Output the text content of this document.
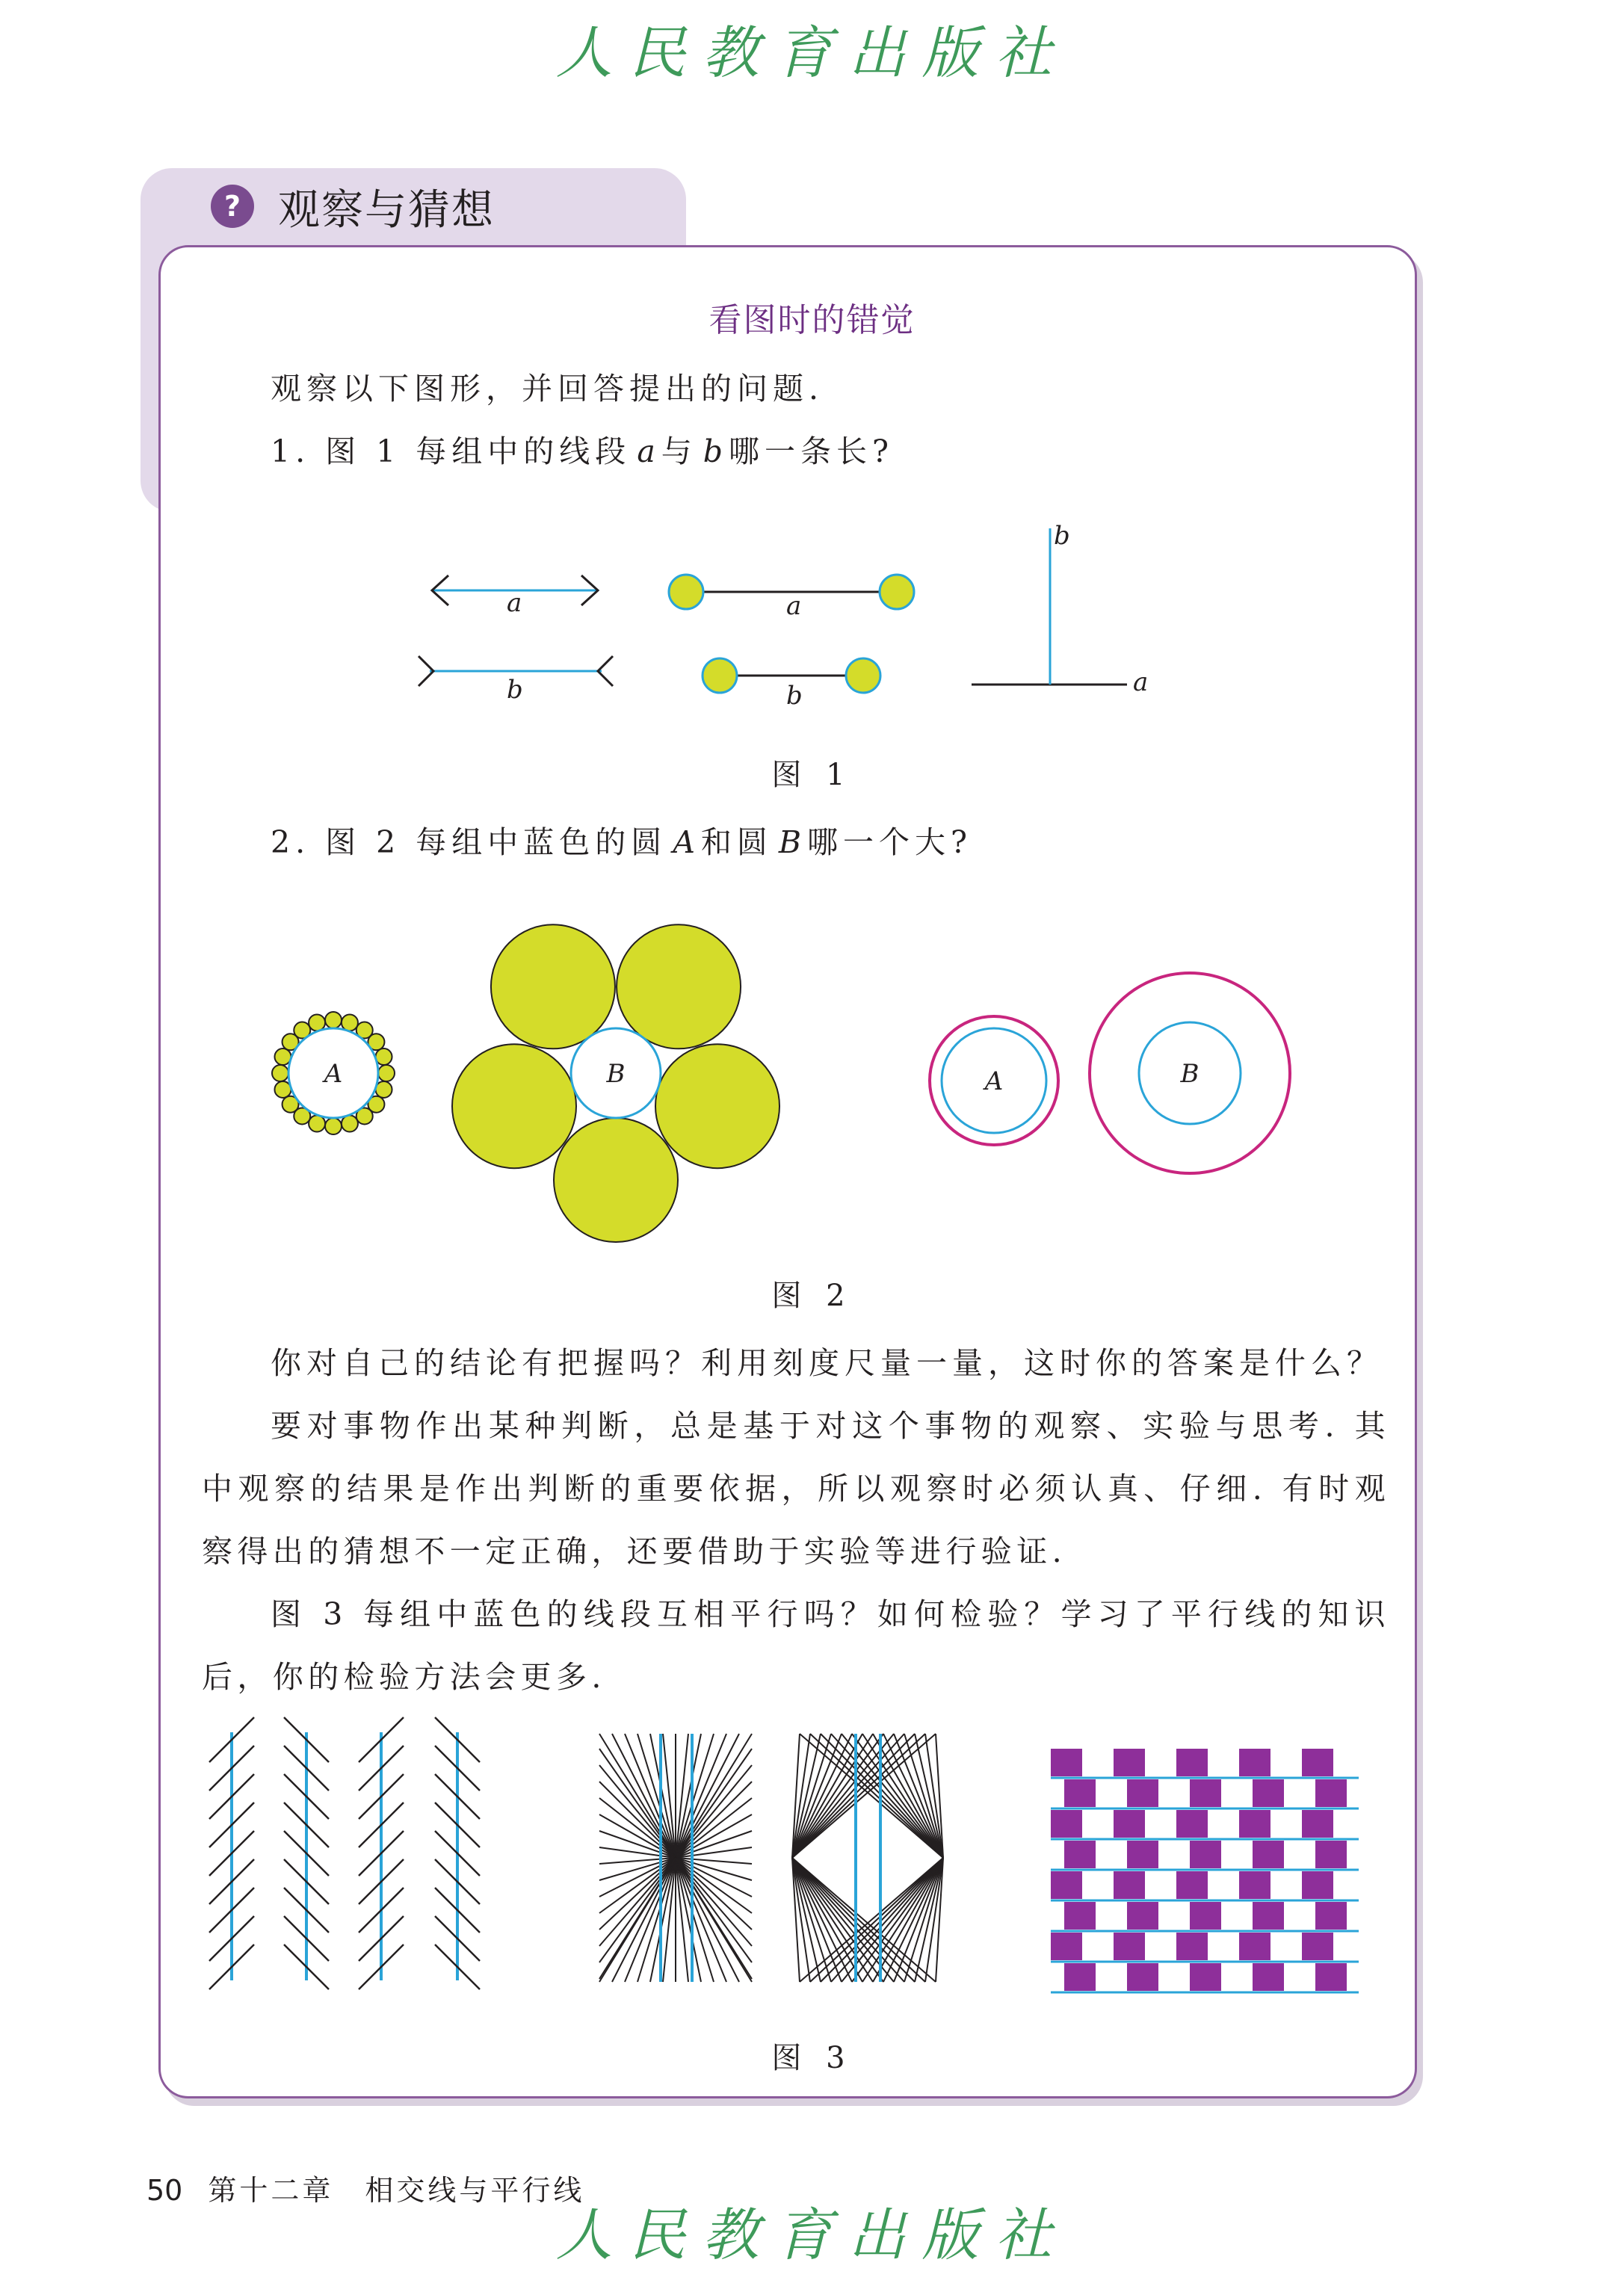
人民教育出版社
? 观察与猜想
看图时的错觉
观察以下图形，并回答提出的问题.
1. 图 1 每组中的线段 a 与 b 哪一条长?
a
b
a
b
b
a
图 1
2. 图 2 每组中蓝色的圆 A 和圆 B 哪一个大?
A	B	A	B
图 2
你对自己的结论有把握吗？利用刻度尺量一量，这时你的答案是什么？
要对事物作出某种判断，总是基于对这个事物的观察、实验与思考. 其中观察的结果是作出判断的重要依据，所以观察时必须认真、仔细. 有时观察得出的猜想不一定正确，还要借助于实验等进行验证.
图 3 每组中蓝色的线段互相平行吗？如何检验？学习了平行线的知识后，你的检验方法会更多.
图 3
50 第十二章　相交线与平行线
人民教育出版社
